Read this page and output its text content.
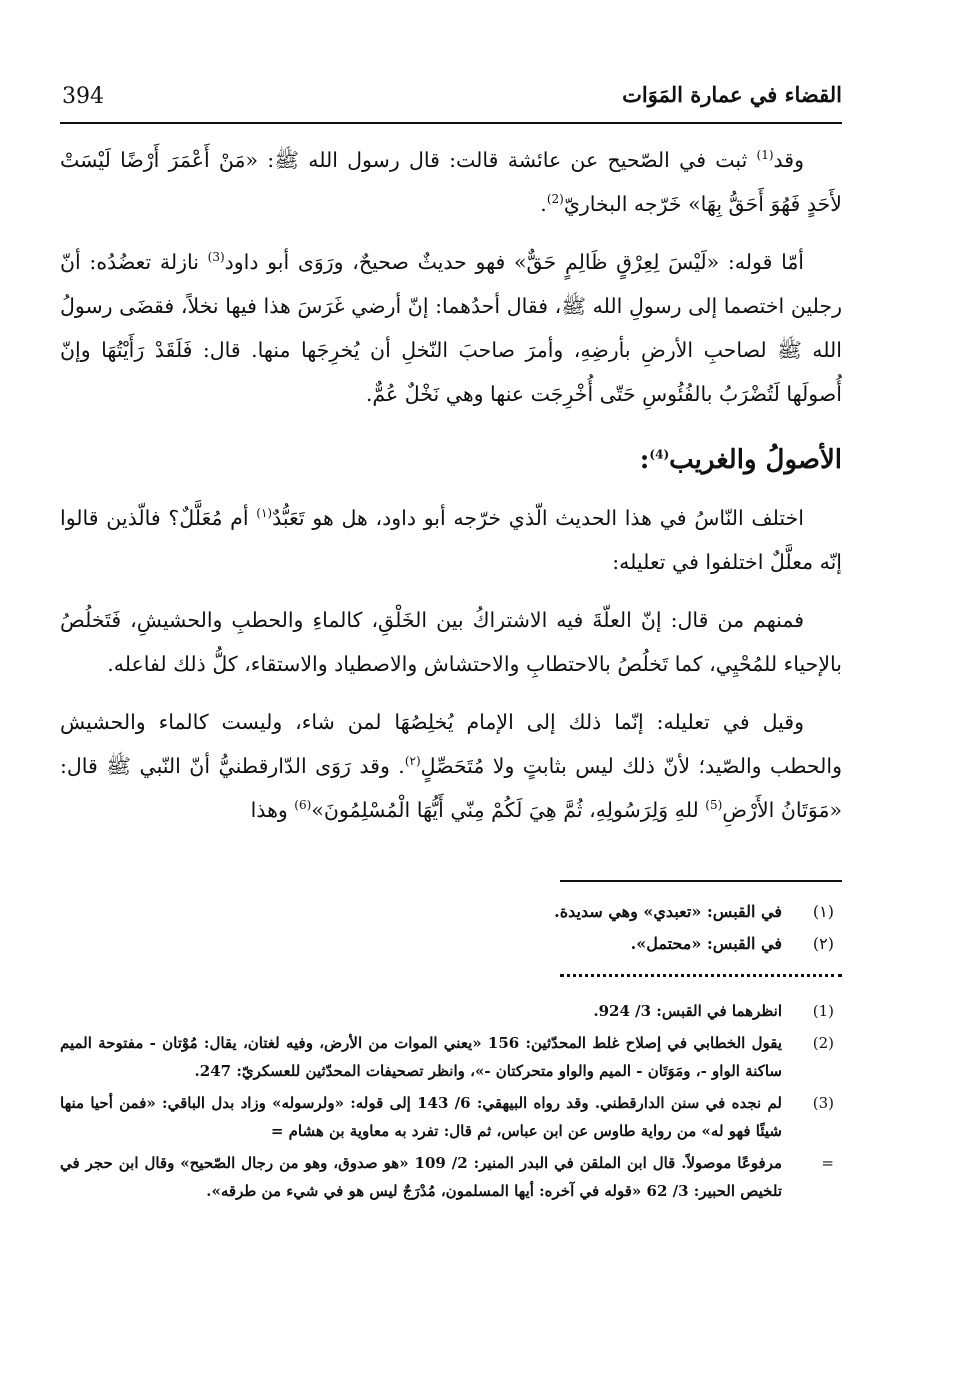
394	القضاء في عمارة المَوَات

وقد$^{(1)}$ ثبت في الصّحيح عن عائشة قالت: قال رسول الله ﷺ: «مَنْ أَعْمَرَ أَرْضًا لَيْسَتْ لأَحَدٍ فَهُوَ أَحَقُّ بِهَا» خَرّجه البخاريّ$^{(2)}$.

أمّا قوله: «لَيْسَ لِعِرْقٍ ظَالِمٍ حَقٌّ» فهو حديثٌ صحيحٌ، ورَوَى أبو داود$^{(3)}$ نازلة تعضُدُه: أنّ رجلين اختصما إلى رسولِ الله ﷺ، فقال أحدُهما: إنّ أرضي غَرَسَ هذا فيها نخلاً، فقضَى رسولُ الله ﷺ لصاحبِ الأرضِ بأرضِهِ، وأمرَ صاحبَ النّخلِ أن يُخرِجَها منها. قال: فَلَقَدْ رَأَيْتُهَا وإنّ أُصولَها لَتُضْرَبُ بالفُئُوسِ حَتّى أُخْرِجَت عنها وهي نَخْلٌ عُمٌّ.

الأصولُ والغريب$^{(4)}$:

اختلف النّاسُ في هذا الحديث الّذي خرّجه أبو داود، هل هو تَعَبُّدٌ$^{(١)}$ أم مُعَلَّلٌ؟ فالّذين قالوا إنّه معلَّلٌ اختلفوا في تعليله:

فمنهم من قال: إنّ العلّةَ فيه الاشتراكُ بين الخَلْقِ، كالماءِ والحطبِ والحشيشِ، فَتَخلُصُ بالإحياء للمُحْيِي، كما تَخلُصُ بالاحتطابِ والاحتشاش والاصطياد والاستقاء، كلُّ ذلك لفاعله.

وقيل في تعليله: إنّما ذلك إلى الإمام يُخلِصُهَا لمن شاء، وليست كالماء والحشيش والحطب والصّيد؛ لأنّ ذلك ليس بثابتٍ ولا مُتَحَصِّلٍ$^{(٢)}$. وقد رَوَى الدّارقطنيُّ أنّ النّبي ﷺ قال: «مَوَتَانُ الأَرْضِ$^{(5)}$ للهِ وَلِرَسُولِهِ، ثُمَّ هِيَ لَكُمْ مِنّي أَيُّهَا الْمُسْلِمُونَ»$^{(6)}$ وهذا

(١)
في القبس: «تعبدي» وهي سديدة.
(٢)
في القبس: «محتمل».
(1)
انظرهما في القبس: 3/ 924.
(2)
يقول الخطابي في إصلاح غلط المحدّثين: 156 «يعني الموات من الأرض، وفيه لغتان، يقال: مُوْتان - مفتوحة الميم ساكنة الواو -، ومَوَتَان - الميم والواو متحركتان -»، وانظر تصحيفات المحدّثين للعسكريّ: 247.
(3)
لم نجده في سنن الدارقطني. وقد رواه البيهقي: 6/ 143 إلى قوله: «ولرسوله» وزاد بدل الباقي: «فمن أحيا منها شيئًا فهو له» من رواية طاوس عن ابن عباس، ثم قال: تفرد به معاوية بن هشام =
=
مرفوعًا موصولاً. قال ابن الملقن في البدر المنير: 2/ 109 «هو صدوق، وهو من رجال الصّحيح» وقال ابن حجر في تلخيص الحبير: 3/ 62 «قوله في آخره: أيها المسلمون، مُدْرَجٌ ليس هو في شيء من طرقه».
